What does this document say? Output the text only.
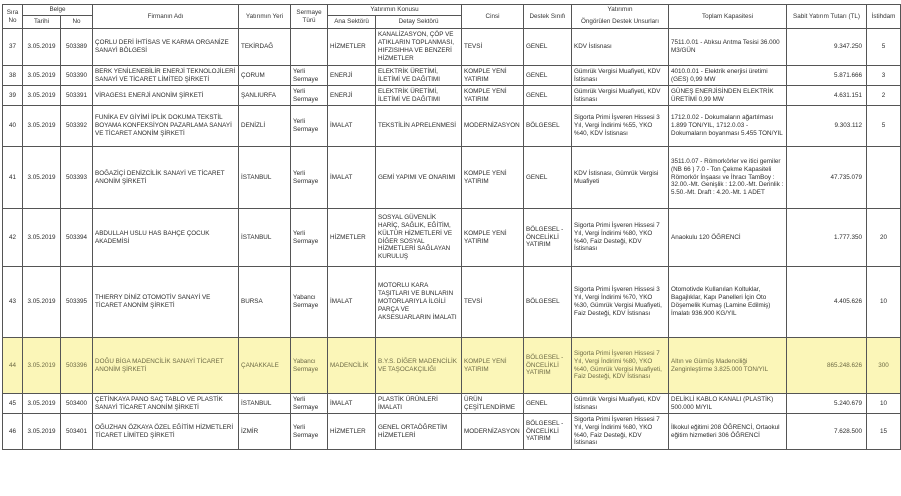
Sıra No	Belge		Firmanın Adı	Yatırımın Yeri	Sermaye Türü	Yatırımın Konusu		Cinsi	Destek Sınıfı	Yatırımın	Toplam Kapasitesi	Sabit Yatırım Tutarı (TL)	İstihdam
	Tarihi	No				Ana Sektörü	Detay Sektörü			Öngörülen Destek Unsurları			
37	3.05.2019	503389	ÇORLU DERİ İHTİSAS VE KARMA ORGANİZE SANAYİ BÖLGESİ	TEKİRDAĞ		HİZMETLER	KANALİZASYON, ÇÖP VE ATIKLARIN TOPLANMASI, HIFZISIHHA VE BENZERİ HİZMETLER	TEVSİ	GENEL	KDV İstisnası	7511.0.01 - Atıksu Arıtma Tesisi 36.000 M3/GÜN	9.347.250	5
38	3.05.2019	503390	BERK YENİLENEBİLİR ENERJİ TEKNOLOJİLERİ SANAYİ VE TİCARET LİMİTED ŞİRKETİ	ÇORUM	Yerli Sermaye	ENERJİ	ELEKTRİK ÜRETİMİ, İLETİMİ VE DAĞITIMI	KOMPLE YENİ YATIRIM	GENEL	Gümrük Vergisi Muafiyeti, KDV İstisnası	4010.0.01 - Elektrik enerjisi üretimi (GES) 0,99 MW	5.871.666	3
39	3.05.2019	503391	VİRAGES1 ENERJİ ANONİM ŞİRKETİ	ŞANLIURFA	Yerli Sermaye	ENERJİ	ELEKTRİK ÜRETİMİ, İLETİMİ VE DAĞITIMI	KOMPLE YENİ YATIRIM	GENEL	Gümrük Vergisi Muafiyeti, KDV İstisnası	GÜNEŞ ENERJİSİNDEN ELEKTRİK ÜRETİMİ 0,99 MW	4.631.151	2
40	3.05.2019	503392	FUNİKA EV GİYİMİ İPLİK DOKUMA TEKSTİL BOYAMA KONFEKSİYON PAZARLAMA SANAYİ VE TİCARET ANONİM ŞİRKETİ	DENİZLİ	Yerli Sermaye	İMALAT	TEKSTİLİN APRELENMESİ	MODERNİZASYON	BÖLGESEL	Sigorta Primi İşveren Hissesi 3 Yıl, Vergi İndirimi %55, YKO %40, KDV İstisnası	1712.0.02 - Dokumaların ağartılması 1.899 TON/YIL, 1712.0.03 - Dokumaların boyanması 5.455 TON/YIL	9.303.112	5
41	3.05.2019	503393	BOĞAZİÇİ DENİZCİLİK SANAYİ VE TİCARET ANONİM ŞİRKETİ	İSTANBUL	Yerli Sermaye	İMALAT	GEMİ YAPIMI VE ONARIMI	KOMPLE YENİ YATIRIM	GENEL	KDV İstisnası, Gümrük Vergisi Muafiyeti	3511.0.07 - Römorkörler ve itici gemiler (NB 66 ) 7.0 - Ton Çekme Kapasiteli Römorkör İnşaası ve İhracı TamBoy : 32.00.-Mt. Genişlik : 12.00.-Mt. Derinlik : 5.50.-Mt. Draft : 4.20.-Mt. 1 ADET	47.735.079	
42	3.05.2019	503394	ABDULLAH USLU HAS BAHÇE ÇOCUK AKADEMİSİ	İSTANBUL	Yerli Sermaye	HİZMETLER	SOSYAL GÜVENLİK HARİÇ, SAĞLIK, EĞİTİM, KÜLTÜR HİZMETLERİ VE DİĞER SOSYAL HİZMETLERİ SAĞLAYAN KURULUŞ	KOMPLE YENİ YATIRIM	BÖLGESEL - ÖNCELİKLİ YATIRIM	Sigorta Primi İşveren Hissesi 7 Yıl, Vergi İndirimi %80, YKO %40, Faiz Desteği, KDV İstisnası	Anaokulu 120 ÖĞRENCİ	1.777.350	20
43	3.05.2019	503395	THIERRY DİNİZ OTOMOTİV SANAYİ VE TİCARET ANONİM ŞİRKETİ	BURSA	Yabancı Sermaye	İMALAT	MOTORLU KARA TAŞITLARI VE BUNLARIN MOTORLARIYLA İLGİLİ PARÇA VE AKSESUARLARIN İMALATI	TEVSİ	BÖLGESEL	Sigorta Primi İşveren Hissesi 3 Yıl, Vergi İndirimi %70, YKO %30, Gümrük Vergisi Muafiyeti, Faiz Desteği, KDV İstisnası	Otomotivde Kullanılan Koltuklar, Bagajlıklar, Kapı Panelleri İçin Oto Döşemelik Kumaş (Lamine Edilmiş) İmalatı 936.900 KG/YIL	4.405.626	10
44	3.05.2019	503396	DOĞU BİGA MADENCİLİK SANAYİ TİCARET ANONİM ŞİRKETİ	ÇANAKKALE	Yabancı Sermaye	MADENCİLİK	B.Y.S. DİĞER MADENCİLİK VE TAŞOCAKÇILIĞI	KOMPLE YENİ YATIRIM	BÖLGESEL - ÖNCELİKLİ YATIRIM	Sigorta Primi İşveren Hissesi 7 Yıl, Vergi İndirimi %80, YKO %40, Gümrük Vergisi Muafiyeti, Faiz Desteği, KDV İstisnası	Altın ve Gümüş Madenciliği Zenginleştirme 3.825.000 TON/YIL	865.248.626	300
45	3.05.2019	503400	ÇETİNKAYA PANO SAÇ TABLO VE PLASTİK SANAYİ TİCARET ANONİM ŞİRKETİ	İSTANBUL	Yerli Sermaye	İMALAT	PLASTİK ÜRÜNLERİ İMALATI	ÜRÜN ÇEŞİTLENDİRME	GENEL	Gümrük Vergisi Muafiyeti, KDV İstisnası	DELİKLİ KABLO KANALI (PLASTİK) 500.000 M/YIL	5.240.679	10
46	3.05.2019	503401	OĞUZHAN ÖZKAYA ÖZEL EĞİTİM HİZMETLERİ TİCARET LİMİTED ŞİRKETİ	İZMİR	Yerli Sermaye	HİZMETLER	GENEL ORTAÖĞRETİM HİZMETLERİ	MODERNİZASYON	BÖLGESEL - ÖNCELİKLİ YATIRIM	Sigorta Primi İşveren Hissesi 7 Yıl, Vergi İndirimi %80, YKO %40, Faiz Desteği, KDV İstisnası	İlkokul eğitimi 208 ÖĞRENCİ, Ortaokul eğitim hizmetleri 306 ÖĞRENCİ	7.628.500	15
